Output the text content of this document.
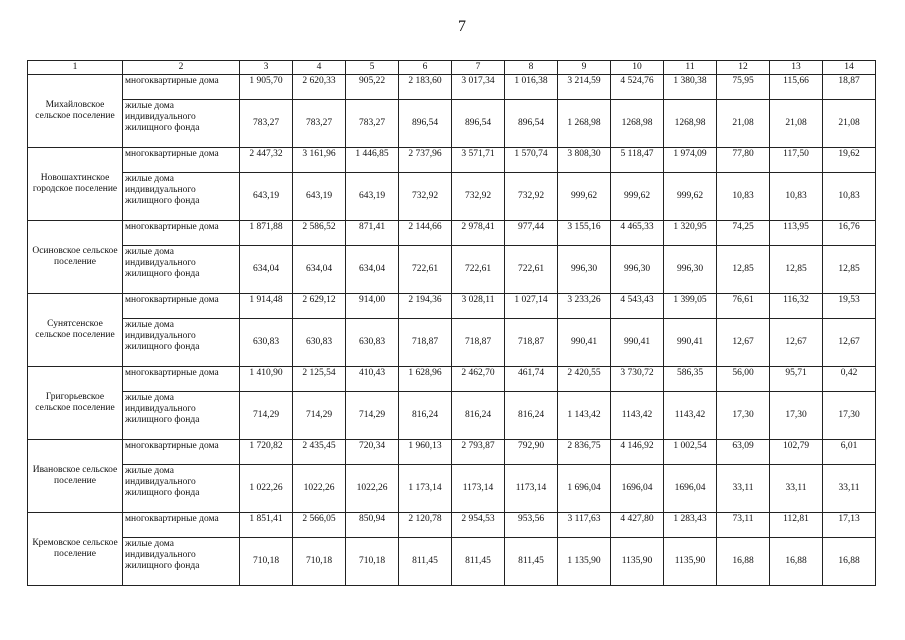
7
1	2	3	4	5	6	7	8	9	10	11	12	13	14
Михайловское сельское поселение	многоквартирные дома	1 905,70	2 620,33	905,22	2 183,60	3 017,34	1 016,38	3 214,59	4 524,76	1 380,38	75,95	115,66	18,87
	жилые дома индивидуального жилищного фонда	783,27	783,27	783,27	896,54	896,54	896,54	1 268,98	1268,98	1268,98	21,08	21,08	21,08
Новошахтинское городское поселение	многоквартирные дома	2 447,32	3 161,96	1 446,85	2 737,96	3 571,71	1 570,74	3 808,30	5 118,47	1 974,09	77,80	117,50	19,62
	жилые дома индивидуального жилищного фонда	643,19	643,19	643,19	732,92	732,92	732,92	999,62	999,62	999,62	10,83	10,83	10,83
Осиновское сельское поселение	многоквартирные дома	1 871,88	2 586,52	871,41	2 144,66	2 978,41	977,44	3 155,16	4 465,33	1 320,95	74,25	113,95	16,76
	жилые дома индивидуального жилищного фонда	634,04	634,04	634,04	722,61	722,61	722,61	996,30	996,30	996,30	12,85	12,85	12,85
Сунятсенское сельское поселение	многоквартирные дома	1 914,48	2 629,12	914,00	2 194,36	3 028,11	1 027,14	3 233,26	4 543,43	1 399,05	76,61	116,32	19,53
	жилые дома индивидуального жилищного фонда	630,83	630,83	630,83	718,87	718,87	718,87	990,41	990,41	990,41	12,67	12,67	12,67
Григорьевское сельское поселение	многоквартирные дома	1 410,90	2 125,54	410,43	1 628,96	2 462,70	461,74	2 420,55	3 730,72	586,35	56,00	95,71	0,42
	жилые дома индивидуального жилищного фонда	714,29	714,29	714,29	816,24	816,24	816,24	1 143,42	1143,42	1143,42	17,30	17,30	17,30
Ивановское сельское поселение	многоквартирные дома	1 720,82	2 435,45	720,34	1 960,13	2 793,87	792,90	2 836,75	4 146,92	1 002,54	63,09	102,79	6,01
	жилые дома индивидуального жилищного фонда	1 022,26	1022,26	1022,26	1 173,14	1173,14	1173,14	1 696,04	1696,04	1696,04	33,11	33,11	33,11
Кремовское сельское поселение	многоквартирные дома	1 851,41	2 566,05	850,94	2 120,78	2 954,53	953,56	3 117,63	4 427,80	1 283,43	73,11	112,81	17,13
	жилые дома индивидуального жилищного фонда	710,18	710,18	710,18	811,45	811,45	811,45	1 135,90	1135,90	1135,90	16,88	16,88	16,88
